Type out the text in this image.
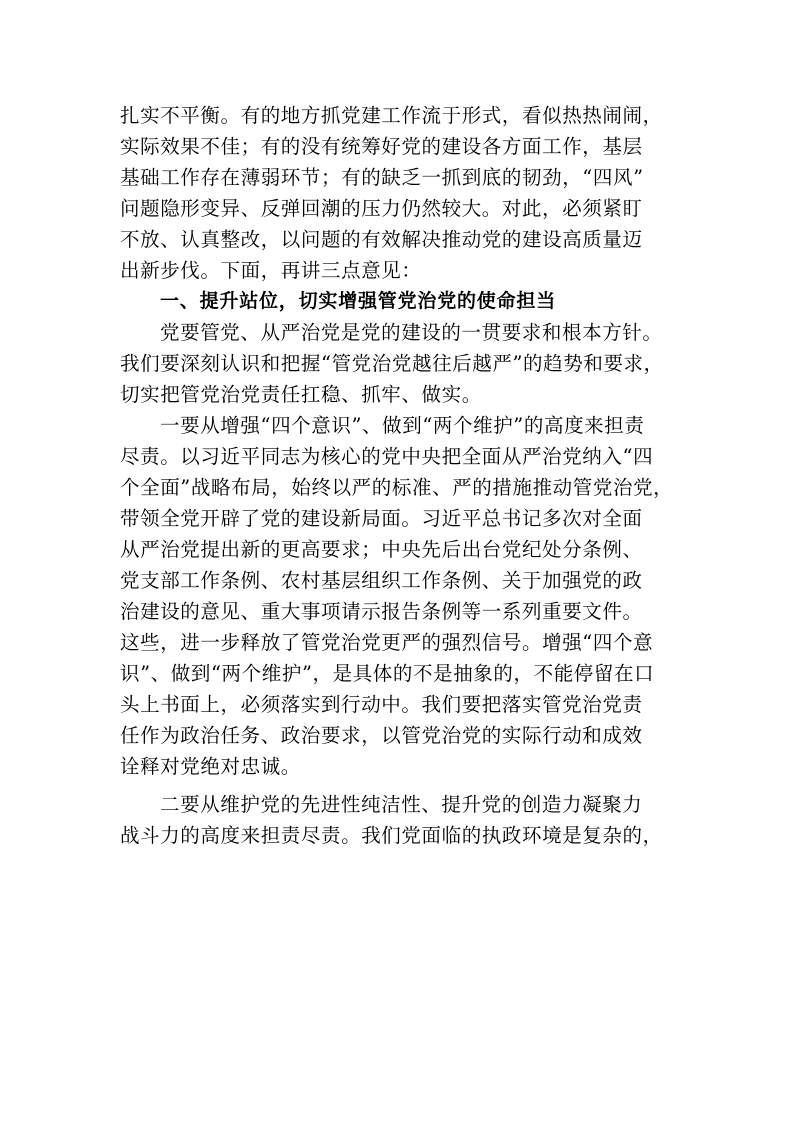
扎实不平衡。有的地方抓党建工作流于形式，看似热热闹闹，
实际效果不佳；有的没有统筹好党的建设各方面工作，基层
基础工作存在薄弱环节；有的缺乏一抓到底的韧劲，“四风”
问题隐形变异、反弹回潮的压力仍然较大。对此，必须紧盯
不放、认真整改，以问题的有效解决推动党的建设高质量迈
出新步伐。下面，再讲三点意见：
一、提升站位，切实增强管党治党的使命担当
党要管党、从严治党是党的建设的一贯要求和根本方针。
我们要深刻认识和把握“管党治党越往后越严”的趋势和要求，
切实把管党治党责任扛稳、抓牢、做实。
一要从增强“四个意识”、做到“两个维护”的高度来担责
尽责。以习近平同志为核心的党中央把全面从严治党纳入“四
个全面”战略布局，始终以严的标准、严的措施推动管党治党，
带领全党开辟了党的建设新局面。习近平总书记多次对全面
从严治党提出新的更高要求；中央先后出台党纪处分条例、
党支部工作条例、农村基层组织工作条例、关于加强党的政
治建设的意见、重大事项请示报告条例等一系列重要文件。
这些，进一步释放了管党治党更严的强烈信号。增强“四个意
识”、做到“两个维护”，是具体的不是抽象的，不能停留在口
头上书面上，必须落实到行动中。我们要把落实管党治党责
任作为政治任务、政治要求，以管党治党的实际行动和成效
诠释对党绝对忠诚。
二要从维护党的先进性纯洁性、提升党的创造力凝聚力
战斗力的高度来担责尽责。我们党面临的执政环境是复杂的，
